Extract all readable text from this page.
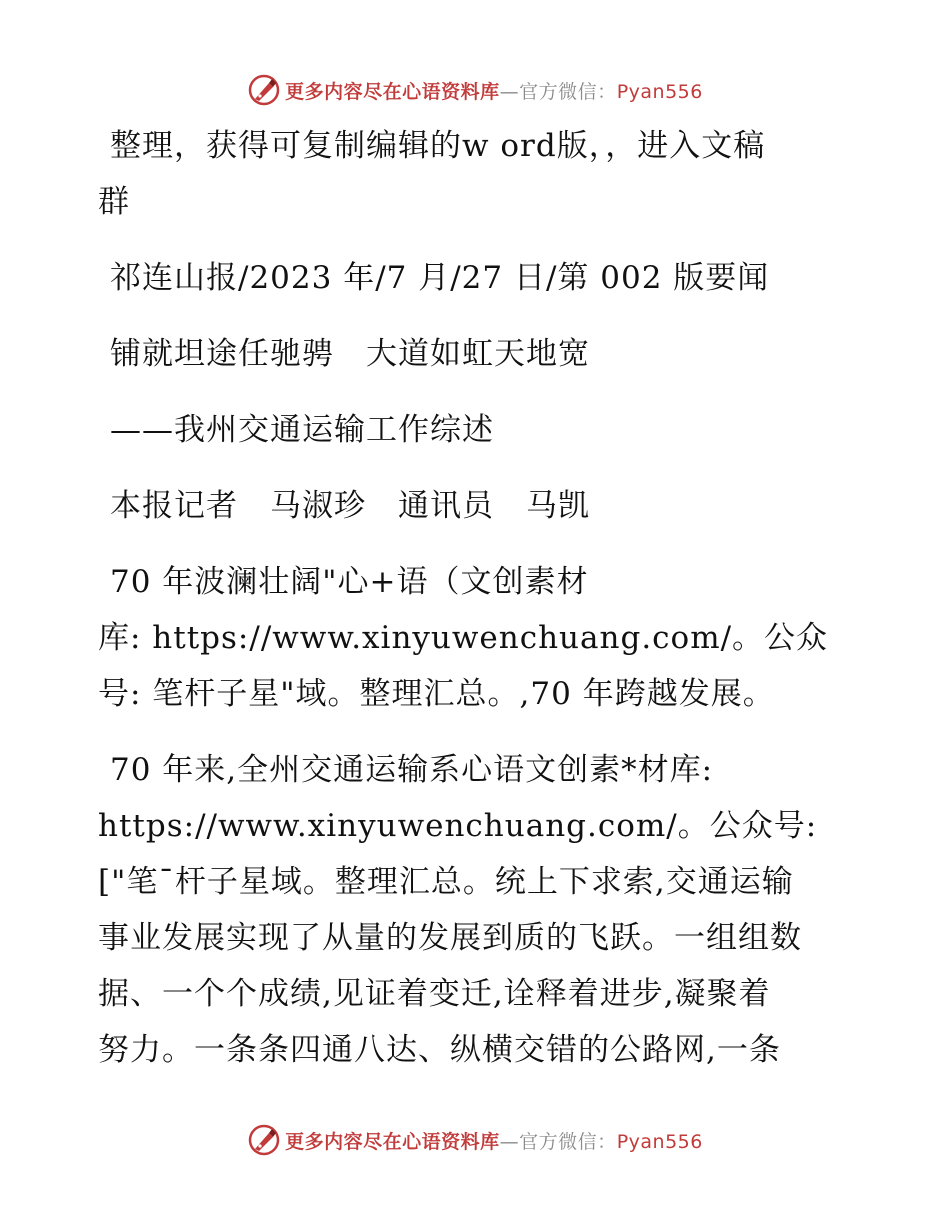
更多内容尽在心语资料库—官方微信：Pyan556
整理，获得可复制编辑的w ord版，，进入文稿
群
祁连山报/2023 年/7 月/27 日/第 002 版要闻
铺就坦途任驰骋　大道如虹天地宽
——我州交通运输工作综述
本报记者　马淑珍　通讯员　马凯
70 年波澜壮阔"心+语（文创素材
库: https://www.xinyuwenchuang.com/。公众
号: 笔杆子星"域。整理汇总。,70 年跨越发展。
70 年来,全州交通运输系心语文创素*材库:
https://www.xinyuwenchuang.com/。公众号:
["笔¯杆子星域。整理汇总。统上下求索,交通运输
事业发展实现了从量的发展到质的飞跃。一组组数
据、一个个成绩,见证着变迁,诠释着进步,凝聚着
努力。一条条四通八达、纵横交错的公路网,一条
更多内容尽在心语资料库—官方微信：Pyan556
